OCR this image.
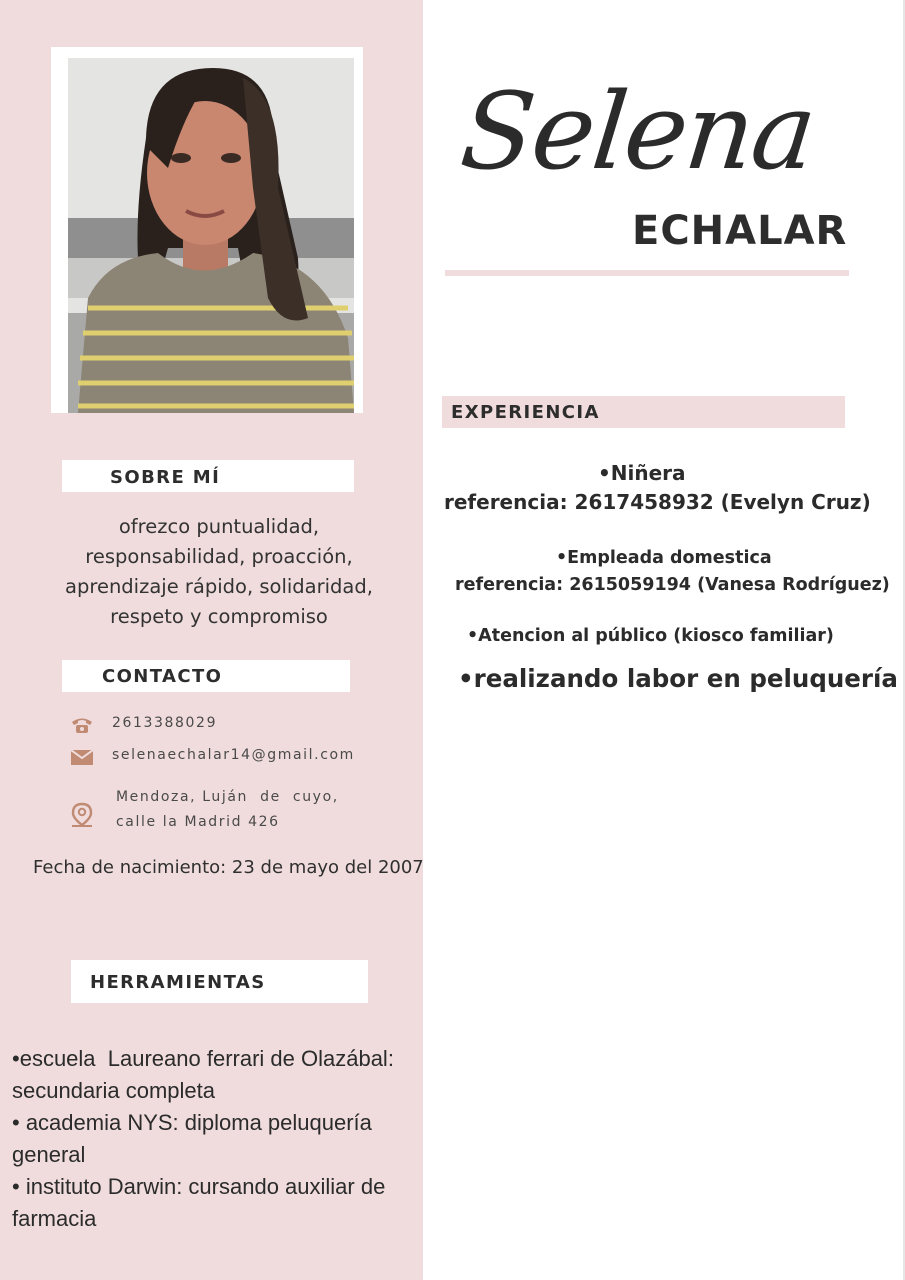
SOBRE MÍ
ofrezco puntualidad,
responsabilidad, proacción,
aprendizaje rápido, solidaridad,
respeto y compromiso
CONTACTO
2613388029
selenaechalar14@gmail.com
Mendoza, Luján  de  cuyo,
calle la Madrid 426
Fecha de nacimiento: 23 de mayo del 2007
HERRAMIENTAS
•escuela  Laureano ferrari de Olazábal:
secundaria completa
• academia NYS: diploma peluquería
general
• instituto Darwin: cursando auxiliar de
farmacia
Selena
ECHALAR
EXPERIENCIA
•Niñera
referencia: 2617458932 (Evelyn Cruz)
•Empleada domestica
referencia: 2615059194 (Vanesa Rodríguez)
•Atencion al público (kiosco familiar)
•realizando labor en peluquería
